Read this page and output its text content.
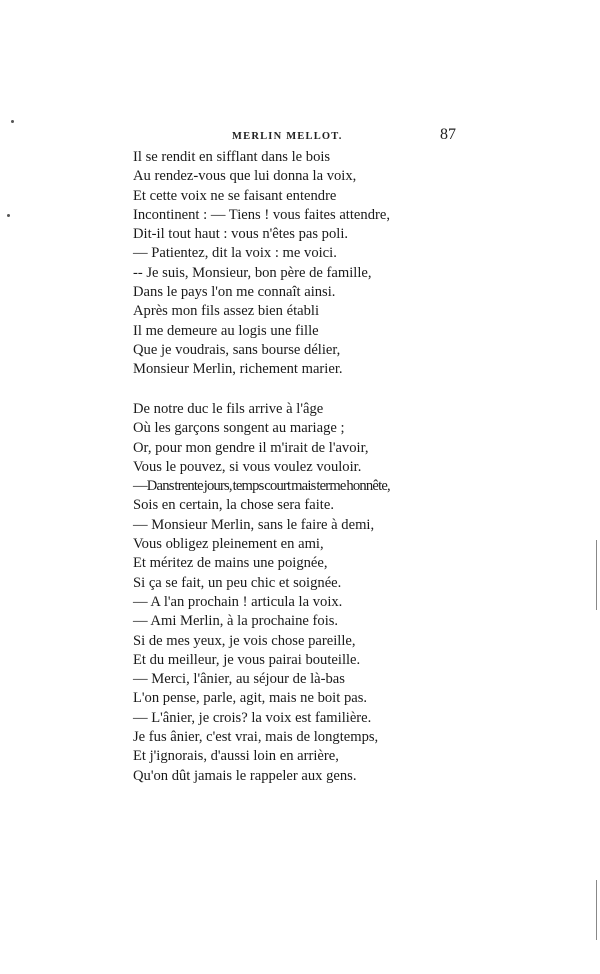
MERLIN MELLOT.	87
Il se rendit en sifflant dans le bois
Au rendez-vous que lui donna la voix,
Et cette voix ne se faisant entendre
Incontinent : — Tiens ! vous faites attendre,
Dit-il tout haut : vous n'êtes pas poli.
— Patientez, dit la voix : me voici.
-- Je suis, Monsieur, bon père de famille,
Dans le pays l'on me connaît ainsi.
Après mon fils assez bien établi
Il me demeure au logis une fille
Que je voudrais, sans bourse délier,
Monsieur Merlin, richement marier.
De notre duc le fils arrive à l'âge
Où les garçons songent au mariage ;
Or, pour mon gendre il m'irait de l'avoir,
Vous le pouvez, si vous voulez vouloir.
—Dans trente jours, temps court mais terme honnête,
Sois en certain, la chose sera faite.
— Monsieur Merlin, sans le faire à demi,
Vous obligez pleinement en ami,
Et méritez de mains une poignée,
Si ça se fait, un peu chic et soignée.
— A l'an prochain ! articula la voix.
— Ami Merlin, à la prochaine fois.
Si de mes yeux, je vois chose pareille,
Et du meilleur, je vous pairai bouteille.
— Merci, l'ânier, au séjour de là-bas
L'on pense, parle, agit, mais ne boit pas.
— L'ânier, je crois? la voix est familière.
Je fus ânier, c'est vrai, mais de longtemps,
Et j'ignorais, d'aussi loin en arrière,
Qu'on dût jamais le rappeler aux gens.
